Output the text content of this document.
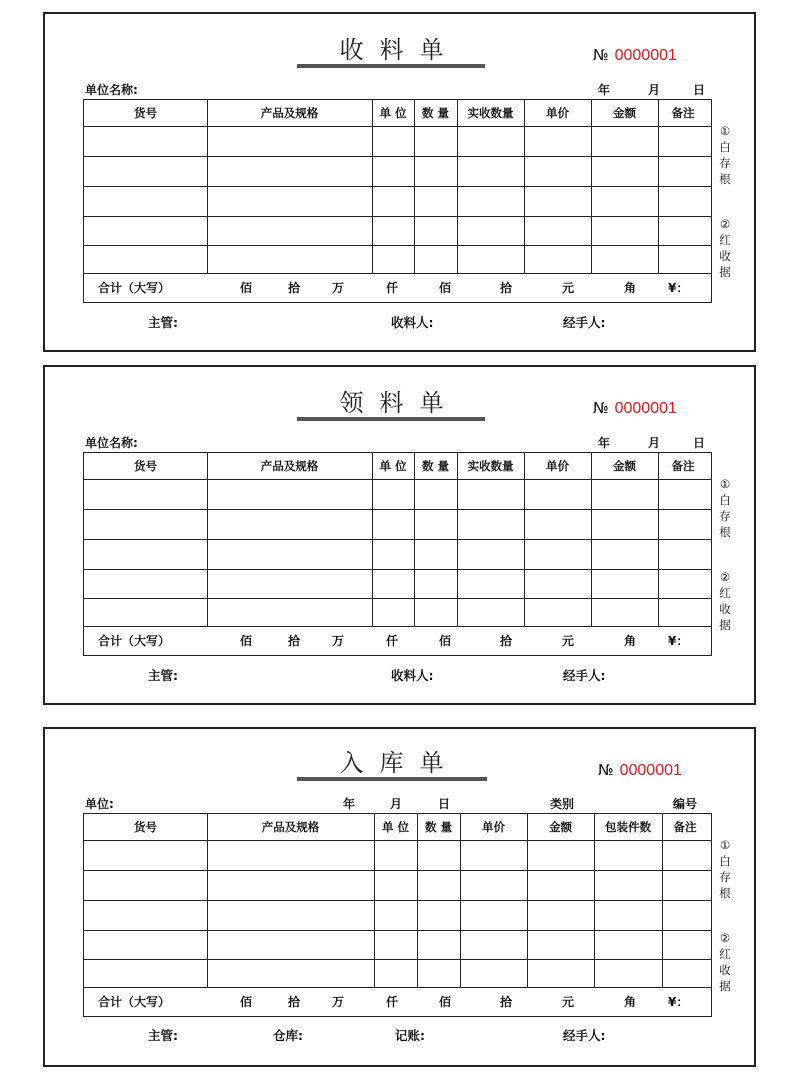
收料单	№ 0000001
单位名称:	年	月	日
货号	产品及规格	单 位	数 量	实收数量	单价	金额	备注
合计（大写）	佰	拾	万	仟	佰	拾	元	角	¥：
①
白存根
②
红收据
主管:	收料人:	经手人:
领料单	№ 0000001
单位名称:	年	月	日
货号	产品及规格	单 位	数 量	实收数量	单价	金额	备注
合计（大写）	佰	拾	万	仟	佰	拾	元	角	¥：
①
白存根
②
红收据
主管:	收料人:	经手人:
入库单	№ 0000001
单位:	年	月	日	类别	编号
货号	产品及规格	单 位	数 量	单价	金额	包装件数	备注
合计（大写）	佰	拾	万	仟	佰	拾	元	角	¥：
①
白存根
②
红收据
主管:	仓库:	记账:	经手人:
